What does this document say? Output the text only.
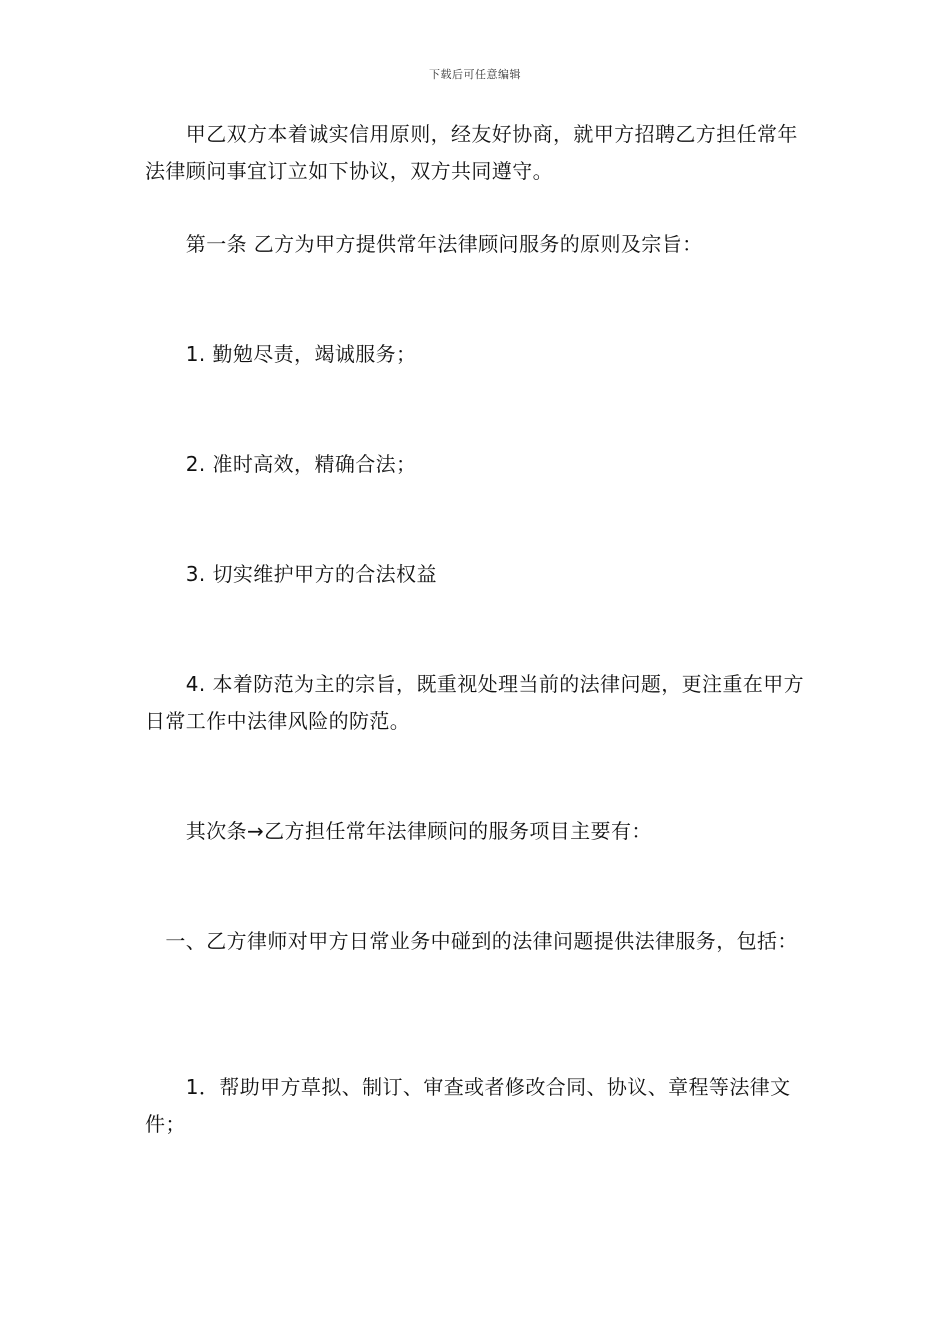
下载后可任意编辑
　　甲乙双方本着诚实信用原则，经友好协商，就甲方招聘乙方担任常年法律顾问事宜订立如下协议，双方共同遵守。
　　第一条 乙方为甲方提供常年法律顾问服务的原则及宗旨：
　　1. 勤勉尽责，竭诚服务；
　　2. 准时高效，精确合法；
　　3. 切实维护甲方的合法权益
　　4. 本着防范为主的宗旨，既重视处理当前的法律问题，更注重在甲方日常工作中法律风险的防范。
　　其次条→乙方担任常年法律顾问的服务项目主要有：
　一、乙方律师对甲方日常业务中碰到的法律问题提供法律服务，包括：
　　1．帮助甲方草拟、制订、审查或者修改合同、协议、章程等法律文件；
